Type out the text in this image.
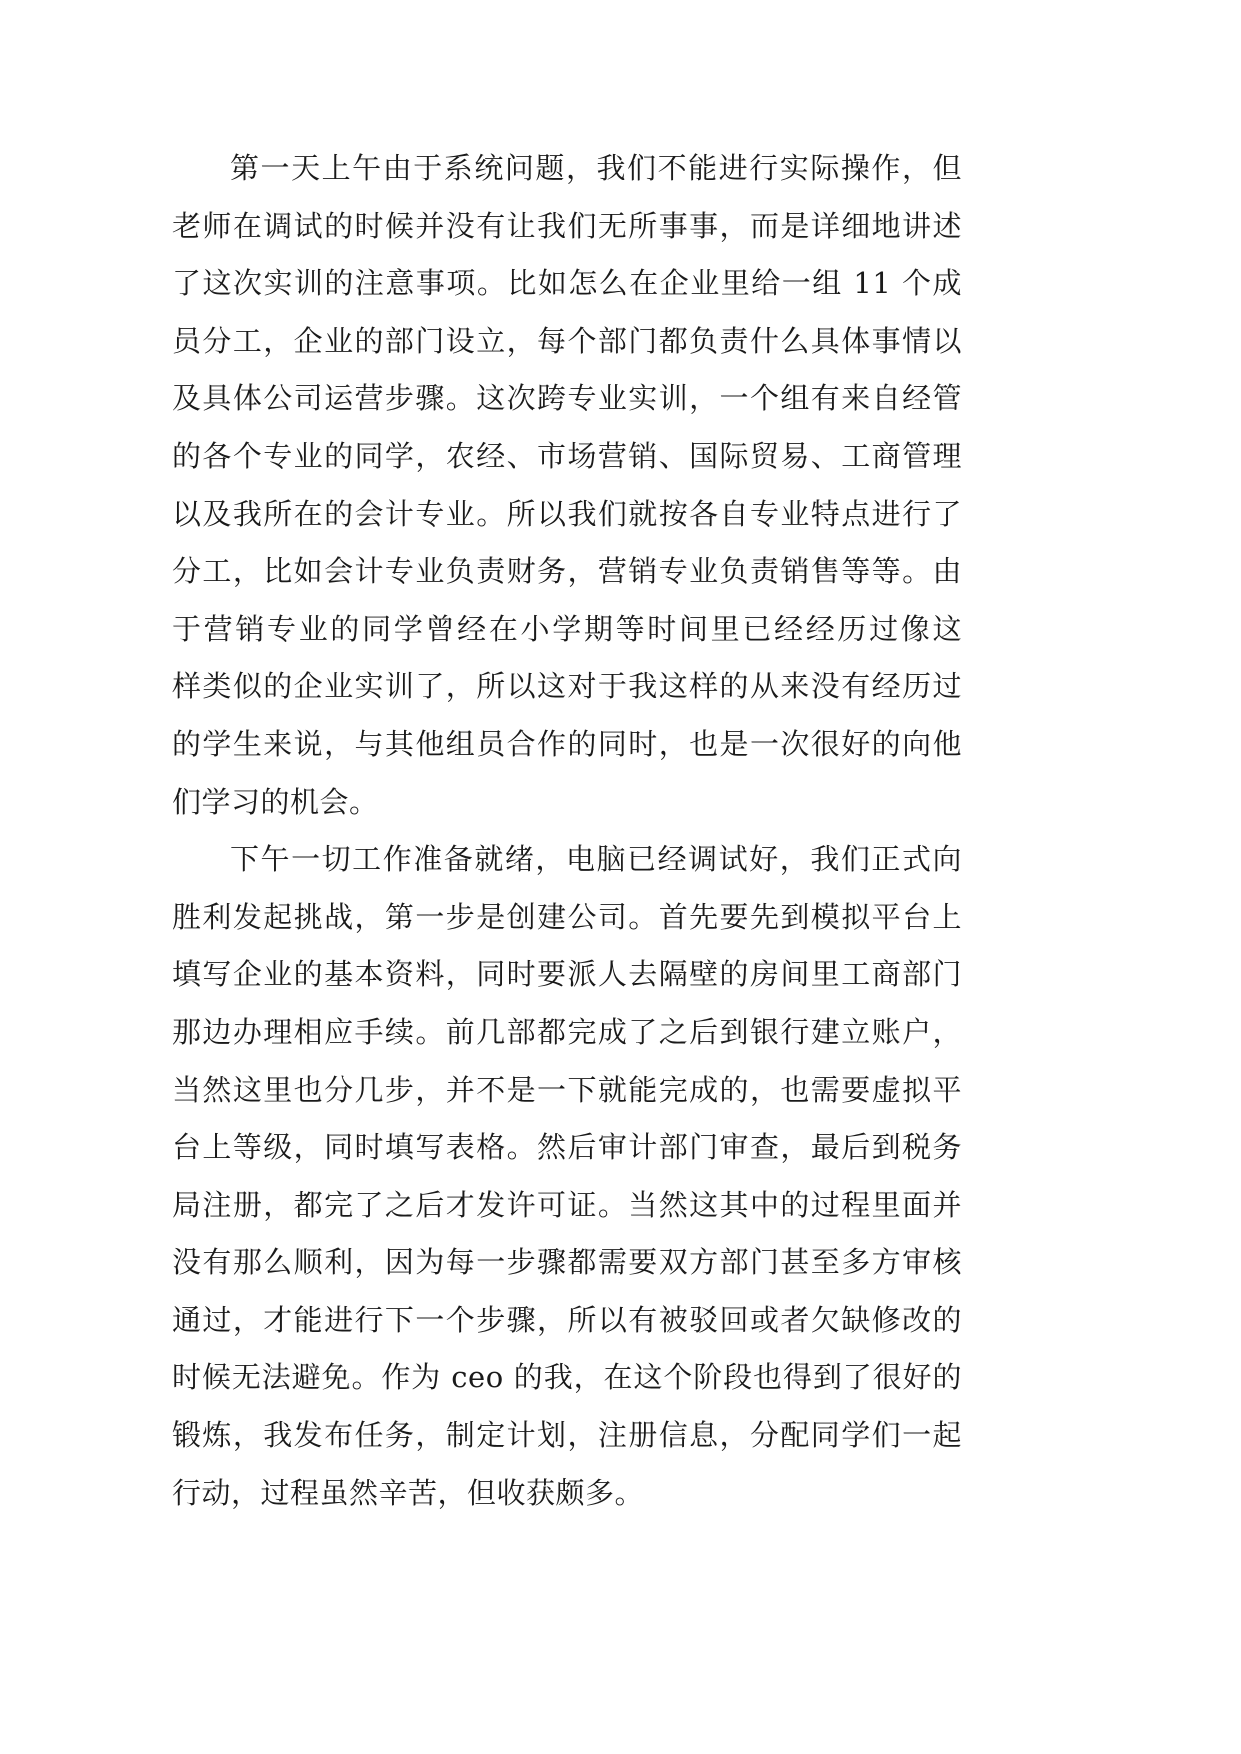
第一天上午由于系统问题，我们不能进行实际操作，但
老师在调试的时候并没有让我们无所事事，而是详细地讲述
了这次实训的注意事项。比如怎么在企业里给一组 11 个成
员分工，企业的部门设立，每个部门都负责什么具体事情以
及具体公司运营步骤。这次跨专业实训，一个组有来自经管
的各个专业的同学，农经、市场营销、国际贸易、工商管理
以及我所在的会计专业。所以我们就按各自专业特点进行了
分工，比如会计专业负责财务，营销专业负责销售等等。由
于营销专业的同学曾经在小学期等时间里已经经历过像这
样类似的企业实训了，所以这对于我这样的从来没有经历过
的学生来说，与其他组员合作的同时，也是一次很好的向他
们学习的机会。
下午一切工作准备就绪，电脑已经调试好，我们正式向
胜利发起挑战，第一步是创建公司。首先要先到模拟平台上
填写企业的基本资料，同时要派人去隔壁的房间里工商部门
那边办理相应手续。前几部都完成了之后到银行建立账户，
当然这里也分几步，并不是一下就能完成的，也需要虚拟平
台上等级，同时填写表格。然后审计部门审查，最后到税务
局注册，都完了之后才发许可证。当然这其中的过程里面并
没有那么顺利，因为每一步骤都需要双方部门甚至多方审核
通过，才能进行下一个步骤，所以有被驳回或者欠缺修改的
时候无法避免。作为 ceo 的我，在这个阶段也得到了很好的
锻炼，我发布任务，制定计划，注册信息，分配同学们一起
行动，过程虽然辛苦，但收获颇多。
